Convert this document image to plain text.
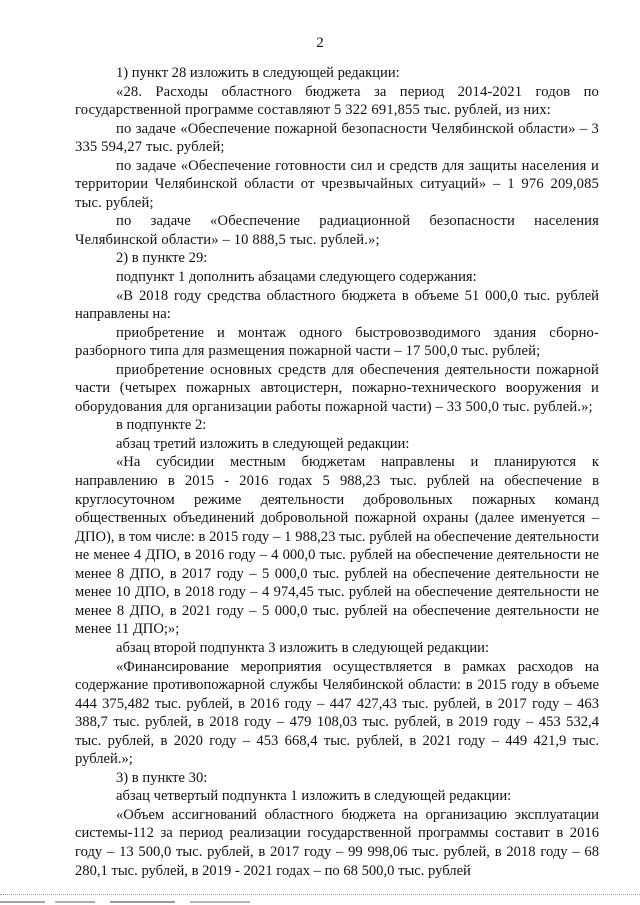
2

1) пункт 28 изложить в следующей редакции:

«28. Расходы областного бюджета за период 2014-2021 годов по государственной программе составляют 5 322 691,855 тыс. рублей, из них:

по задаче «Обеспечение пожарной безопасности Челябинской области» – 3 335 594,27 тыс. рублей;

по задаче «Обеспечение готовности сил и средств для защиты населения и территории Челябинской области от чрезвычайных ситуаций» – 1 976 209,085 тыс. рублей;

по задаче «Обеспечение радиационной безопасности населения Челябинской области» – 10 888,5 тыс. рублей.»;

2) в пункте 29:

подпункт 1 дополнить абзацами следующего содержания:

«В 2018 году средства областного бюджета в объеме 51 000,0 тыс. рублей направлены на:

приобретение и монтаж одного быстровозводимого здания сборно-разборного типа для размещения пожарной части – 17 500,0 тыс. рублей;

приобретение основных средств для обеспечения деятельности пожарной части (четырех пожарных автоцистерн, пожарно-технического вооружения и оборудования для организации работы пожарной части) – 33 500,0 тыс. рублей.»;

в подпункте 2:

абзац третий изложить в следующей редакции:

«На субсидии местным бюджетам направлены и планируются к направлению в 2015 - 2016 годах 5 988,23 тыс. рублей на обеспечение в круглосуточном режиме деятельности добровольных пожарных команд общественных объединений добровольной пожарной охраны (далее именуется – ДПО), в том числе: в 2015 году – 1 988,23 тыс. рублей на обеспечение деятельности не менее 4 ДПО, в 2016 году – 4 000,0 тыс. рублей на обеспечение деятельности не менее 8 ДПО, в 2017 году – 5 000,0 тыс. рублей на обеспечение деятельности не менее 10 ДПО, в 2018 году – 4 974,45 тыс. рублей на обеспечение деятельности не менее 8 ДПО, в 2021 году – 5 000,0 тыс. рублей на обеспечение деятельности не менее 11 ДПО;»;

абзац второй подпункта 3 изложить в следующей редакции:

«Финансирование мероприятия осуществляется в рамках расходов на содержание противопожарной службы Челябинской области: в 2015 году в объеме 444 375,482 тыс. рублей, в 2016 году – 447 427,43 тыс. рублей, в 2017 году – 463 388,7 тыс. рублей, в 2018 году – 479 108,03 тыс. рублей, в 2019 году – 453 532,4 тыс. рублей, в 2020 году – 453 668,4 тыс. рублей, в 2021 году – 449 421,9 тыс. рублей.»;

3) в пункте 30:

абзац четвертый подпункта 1 изложить в следующей редакции:

«Объем ассигнований областного бюджета на организацию эксплуатации системы-112 за период реализации государственной программы составит в 2016 году – 13 500,0 тыс. рублей, в 2017 году – 99 998,06 тыс. рублей, в 2018 году – 68 280,1 тыс. рублей, в 2019 - 2021 годах – по 68 500,0 тыс. рублей
